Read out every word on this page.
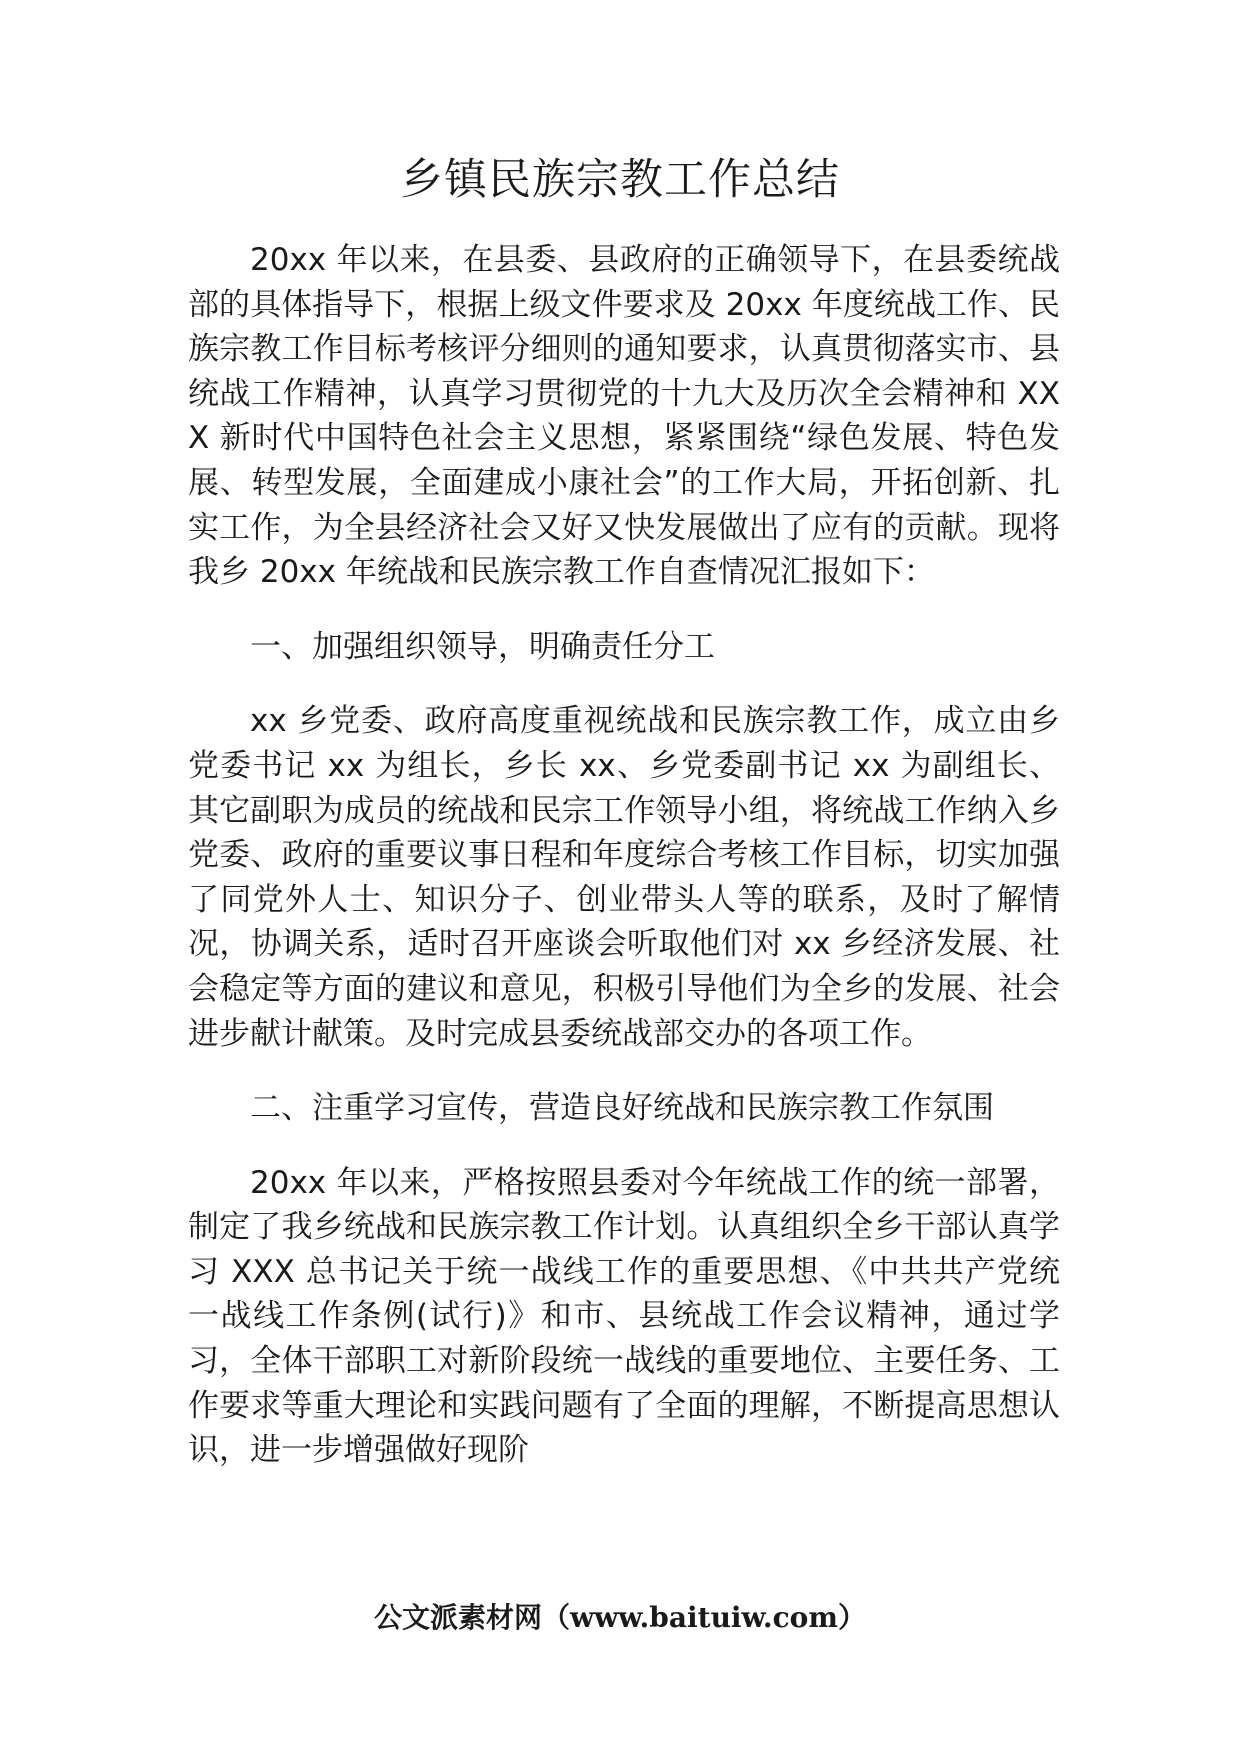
乡镇民族宗教工作总结

20xx 年以来，在县委、县政府的正确领导下，在县委统战部的具体指导下，根据上级文件要求及 20xx 年度统战工作、民族宗教工作目标考核评分细则的通知要求，认真贯彻落实市、县统战工作精神，认真学习贯彻党的十九大及历次全会精神和 XXX 新时代中国特色社会主义思想，紧紧围绕“绿色发展、特色发展、转型发展，全面建成小康社会”的工作大局，开拓创新、扎实工作，为全县经济社会又好又快发展做出了应有的贡献。现将我乡 20xx 年统战和民族宗教工作自查情况汇报如下：

一、加强组织领导，明确责任分工

xx 乡党委、政府高度重视统战和民族宗教工作，成立由乡党委书记 xx 为组长，乡长 xx、乡党委副书记 xx 为副组长、其它副职为成员的统战和民宗工作领导小组，将统战工作纳入乡党委、政府的重要议事日程和年度综合考核工作目标，切实加强了同党外人士、知识分子、创业带头人等的联系，及时了解情况，协调关系，适时召开座谈会听取他们对 xx 乡经济发展、社会稳定等方面的建议和意见，积极引导他们为全乡的发展、社会进步献计献策。及时完成县委统战部交办的各项工作。

二、注重学习宣传，营造良好统战和民族宗教工作氛围

20xx 年以来，严格按照县委对今年统战工作的统一部署，制定了我乡统战和民族宗教工作计划。认真组织全乡干部认真学习 XXX 总书记关于统一战线工作的重要思想、《中共共产党统一战线工作条例(试行)》和市、县统战工作会议精神，通过学习，全体干部职工对新阶段统一战线的重要地位、主要任务、工作要求等重大理论和实践问题有了全面的理解，不断提高思想认识，进一步增强做好现阶

公文派素材网（www.baituiw.com）
